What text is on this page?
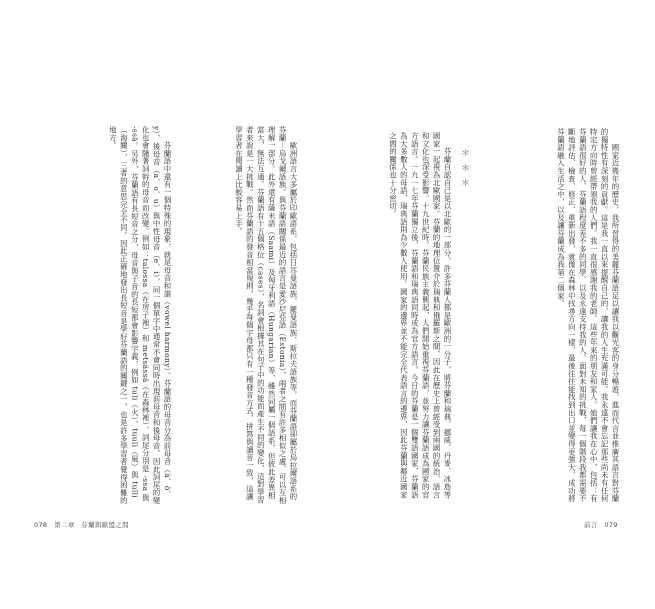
　　國家近幾年的歷史，我所習得的美麗芬蘭語足以讓我以觀光客的身分暢遊，進而代言並推廣其語言對芬蘭的獨特性有深刻的貢獻。這是我一直以來提醒自己的，讓我的人生充滿可能，我永遠不會忘記那些尚未有任何特定方向時曾經帶領我的人們。我一直很感謝我的老師、這些年來的朋友和家人。她們讓我在心中，包括：有芬蘭語很好的人、芬蘭語程度差不多的同學、以及永遠支持我的人。面對未知的挑戰，每一個階段我都需要不斷地評估、檢查、修正、重新出發，就像在森林中找尋方向一樣，最後往往能找到出口並變得更強大，成功將芬蘭語融入生活之中，以及讓芬蘭成為我第二個家。
＊＊＊
　　芬蘭自認自己是以北歐的一部分，許多芬蘭人都是歐洲的一分子，將芬蘭和瑞典、挪威、丹麥、冰島等國家一起視為北歐國家。芬蘭的地理位置介於瑞典和俄羅斯之間，因此在歷史上曾經受到兩國的統治，語言和文化也深受影響。十九世紀時，芬蘭民族主義興起，人們開始重視芬蘭語，並努力讓芬蘭語成為國家的官方語言。一九一七年芬蘭獨立後，芬蘭語和瑞典語同時成為官方語言。今日的芬蘭是一個雙語國家，芬蘭語為大多數人的母語，瑞典語則為少數人使用。國家的邊界並不能完全代表語言的邊界，因此芬蘭與鄰近國家之間的關係也十分密切。
　　歐洲語言大多屬於印歐語系，包括日耳曼語族、羅曼語族、斯拉夫語族等，而芬蘭語卻屬於烏拉爾語系的芬蘭－烏戈爾語族。與芬蘭語關係最近的語言是愛沙尼亞語（Estonia），兩者之間有許多相似之處，可以互相理解一部分。此外還有薩米語（Saami）及匈牙利語（Hungarian）等，雖然同屬一個語系，但彼此差異相當大，無法互通。芬蘭語有十五個格位（cases），名詞會根據其在句子中的功能而產生不同的變化，這對學習者來說是一大挑戰。然而芬蘭語的發音相當規則，幾乎每個字母都只有一種發音方式，拼寫與讀音一致，這讓學習者在閱讀上比較容易上手。
　　芬蘭語中還有一個特殊的現象，就是母音和諧（vowel harmony）。芬蘭語的母音分為前母音（ä、ö、y）、後母音（a、o、u）與中性母音（e、i），同一個單字中通常不會同時出現前母音和後母音，因此詞尾的變化也會隨著詞幹的母音而改變。例如：talossa（在房子裡）和 metsässä（在森林裡），詞尾分別是 -ssa 與 -ssä。另外，芬蘭語有長短音之分，母音與子音的長短都會影響字義，例如 tuli（火）、tuuli（風）與 tulli（海關），三者的意思完全不同。因此正確地發出長短音是學好芬蘭語的關鍵之一，也是許多學習者覺得困難的地方。
078　第二章　芬蘭與歐盟之間	前言　079
